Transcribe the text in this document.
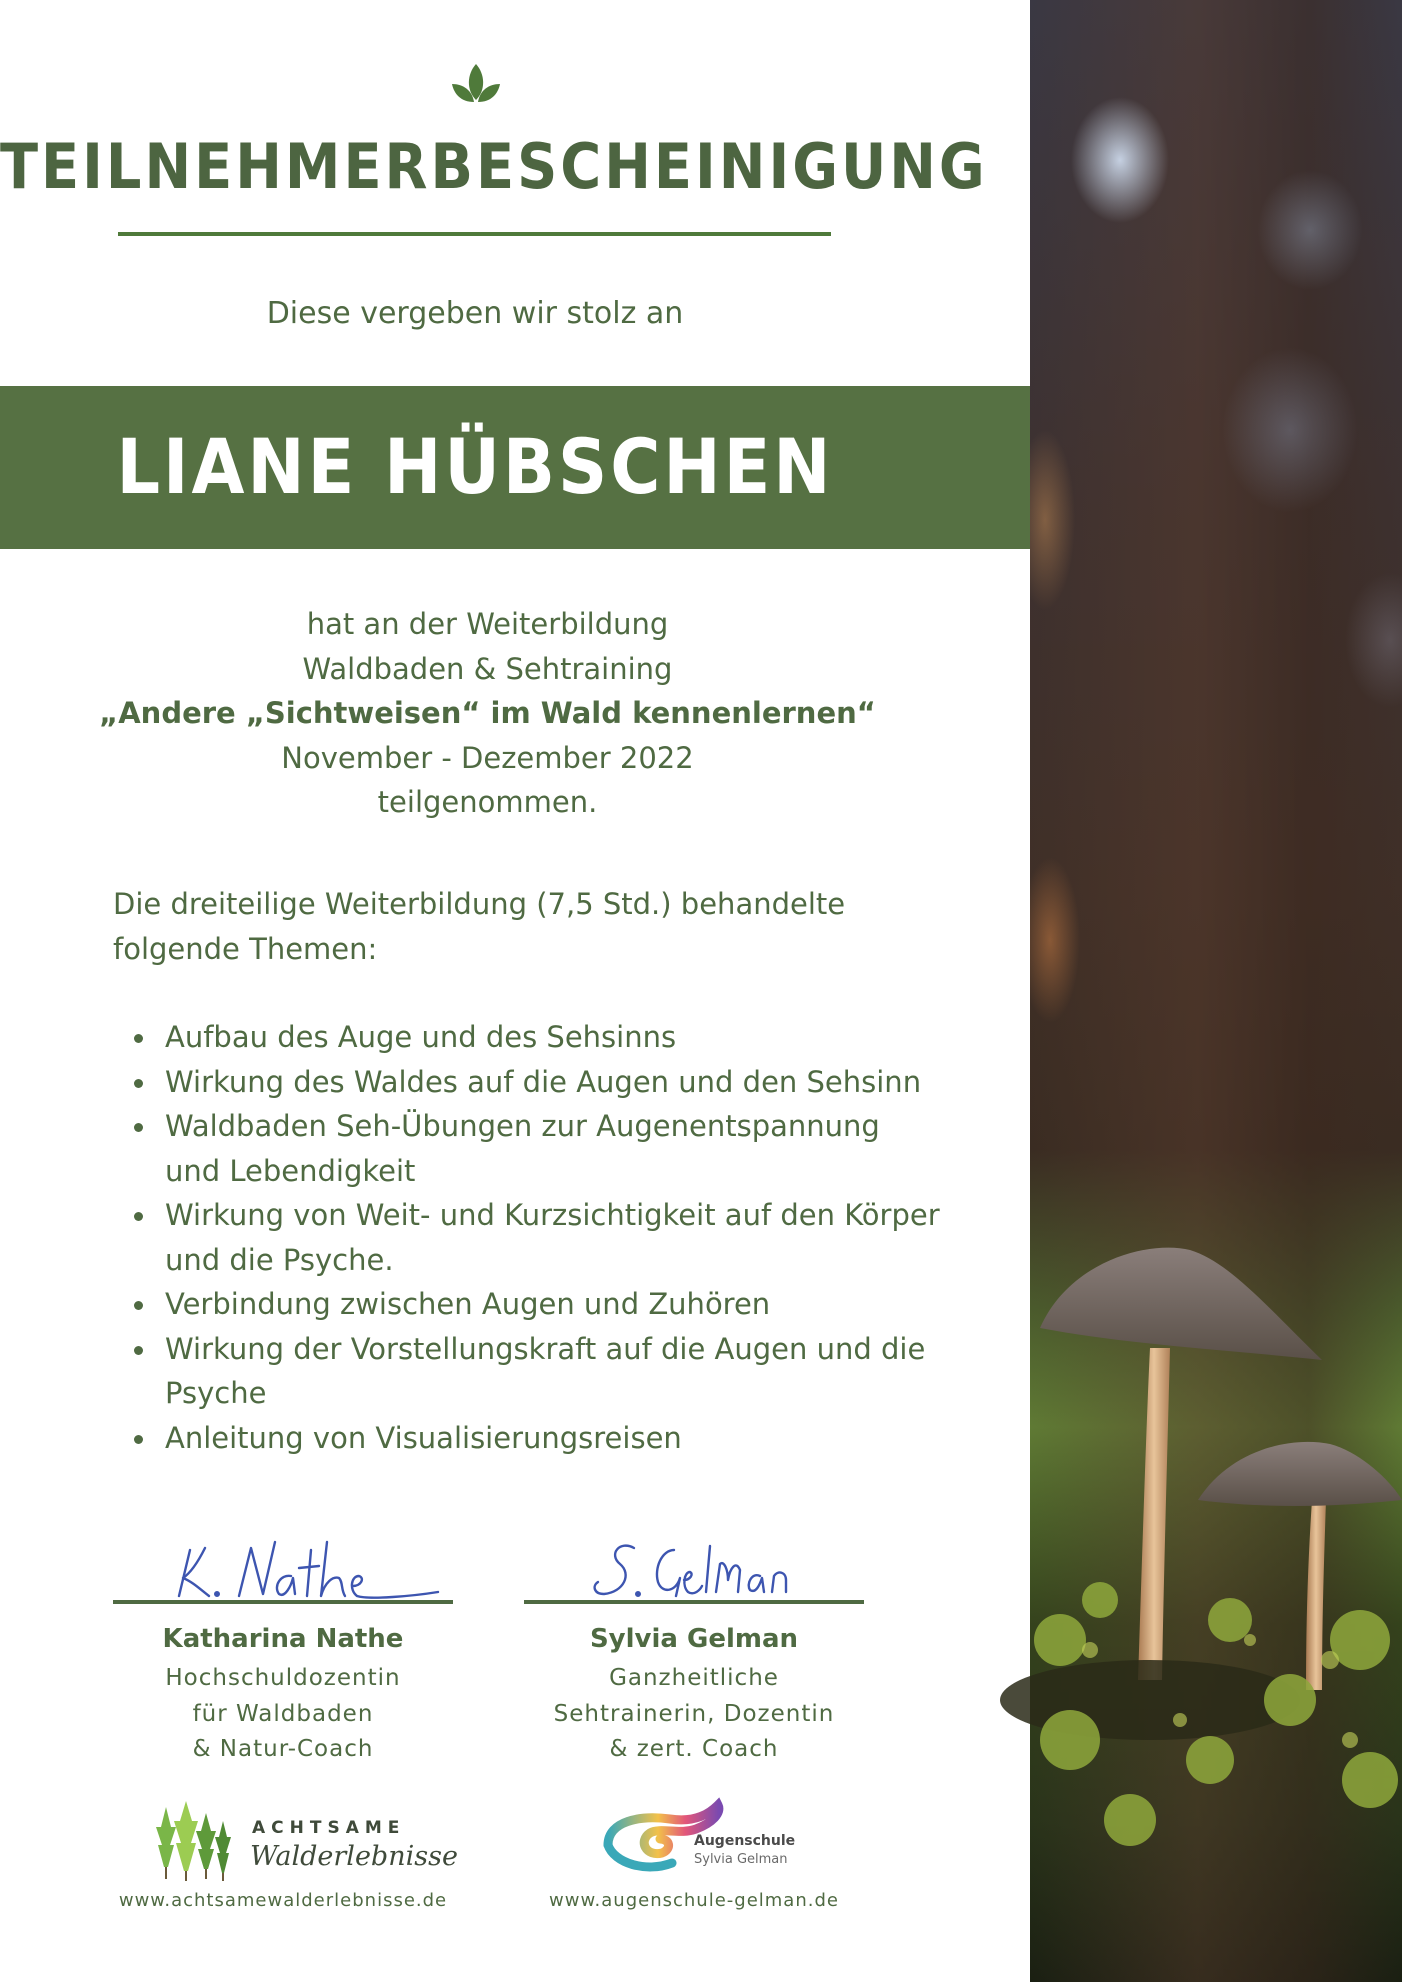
TEILNEHMERBESCHEINIGUNG
Diese vergeben wir stolz an
LIANE HÜBSCHEN
hat an der Weiterbildung
Waldbaden & Sehtraining
„Andere „Sichtweisen“ im Wald kennenlernen“
November - Dezember 2022
teilgenommen.
Die dreiteilige Weiterbildung (7,5 Std.) behandelte
folgende Themen:
Aufbau des Auge und des Sehsinns
Wirkung des Waldes auf die Augen und den Sehsinn
Waldbaden Seh-Übungen zur Augenentspannung
und Lebendigkeit
Wirkung von Weit- und Kurzsichtigkeit auf den Körper
und die Psyche.
Verbindung zwischen Augen und Zuhören
Wirkung der Vorstellungskraft auf die Augen und die
Psyche
Anleitung von Visualisierungsreisen
Katharina Nathe
Hochschuldozentin
für Waldbaden
& Natur-Coach
Sylvia Gelman
Ganzheitliche
Sehtrainerin, Dozentin
& zert. Coach
ACHTSAME
Walderlebnisse	Augenschule
Sylvia Gelman
www.achtsamewalderlebnisse.de	www.augenschule-gelman.de
